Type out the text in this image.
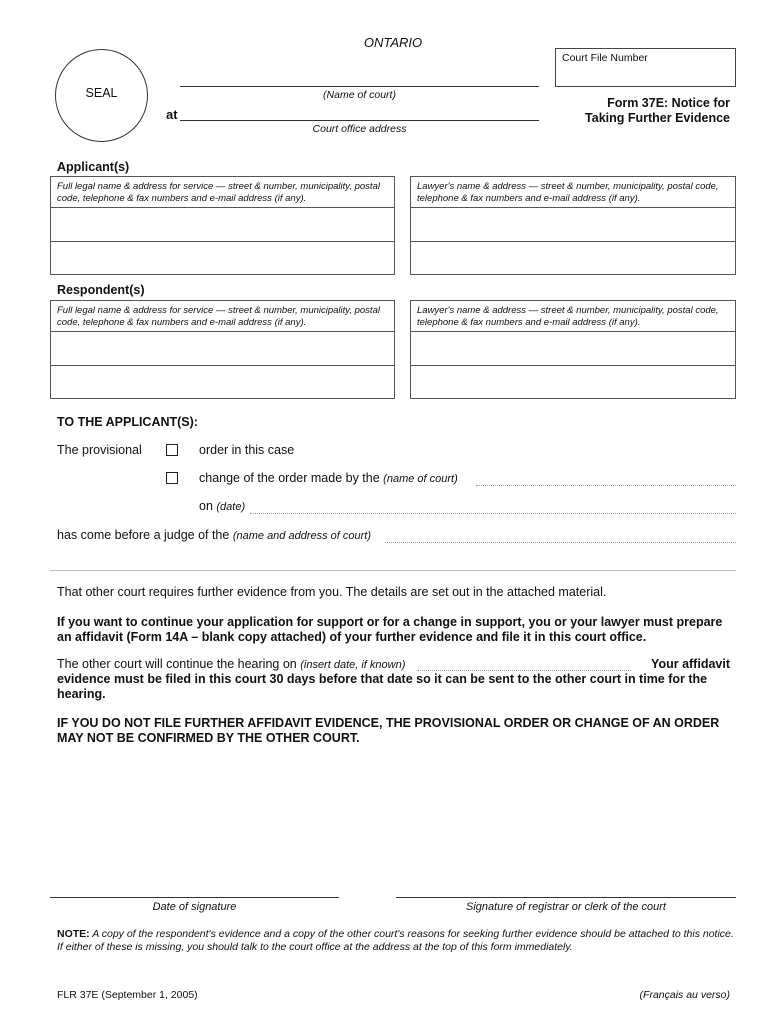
ONTARIO
SEAL
Court File Number
(Name of court)
at
Court office address
Form 37E: Notice for
Taking Further Evidence
Applicant(s)
Full legal name & address for service — street & number, municipality, postal code, telephone & fax numbers and e-mail address (if any).
Lawyer's name & address — street & number, municipality, postal code, telephone & fax numbers and e-mail address (if any).
Respondent(s)
Full legal name & address for service — street & number, municipality, postal code, telephone & fax numbers and e-mail address (if any).
Lawyer's name & address — street & number, municipality, postal code, telephone & fax numbers and e-mail address (if any).
TO THE APPLICANT(S):
The provisional	order in this case
change of the order made by the (name of court)
on (date)
has come before a judge of the (name and address of court)
That other court requires further evidence from you. The details are set out in the attached material.
If you want to continue your application for support or for a change in support, you or your lawyer must prepare an affidavit (Form 14A – blank copy attached) of your further evidence and file it in this court office.
The other court will continue the hearing on (insert date, if known)	Your affidavit
evidence must be filed in this court 30 days before that date so it can be sent to the other court in time for the hearing.
IF YOU DO NOT FILE FURTHER AFFIDAVIT EVIDENCE, THE PROVISIONAL ORDER OR CHANGE OF AN ORDER MAY NOT BE CONFIRMED BY THE OTHER COURT.
Date of signature	Signature of registrar or clerk of the court
NOTE: A copy of the respondent's evidence and a copy of the other court's reasons for seeking further evidence should be attached to this notice. If either of these is missing, you should talk to the court office at the address at the top of this form immediately.
FLR 37E (September 1, 2005)	(Français au verso)
